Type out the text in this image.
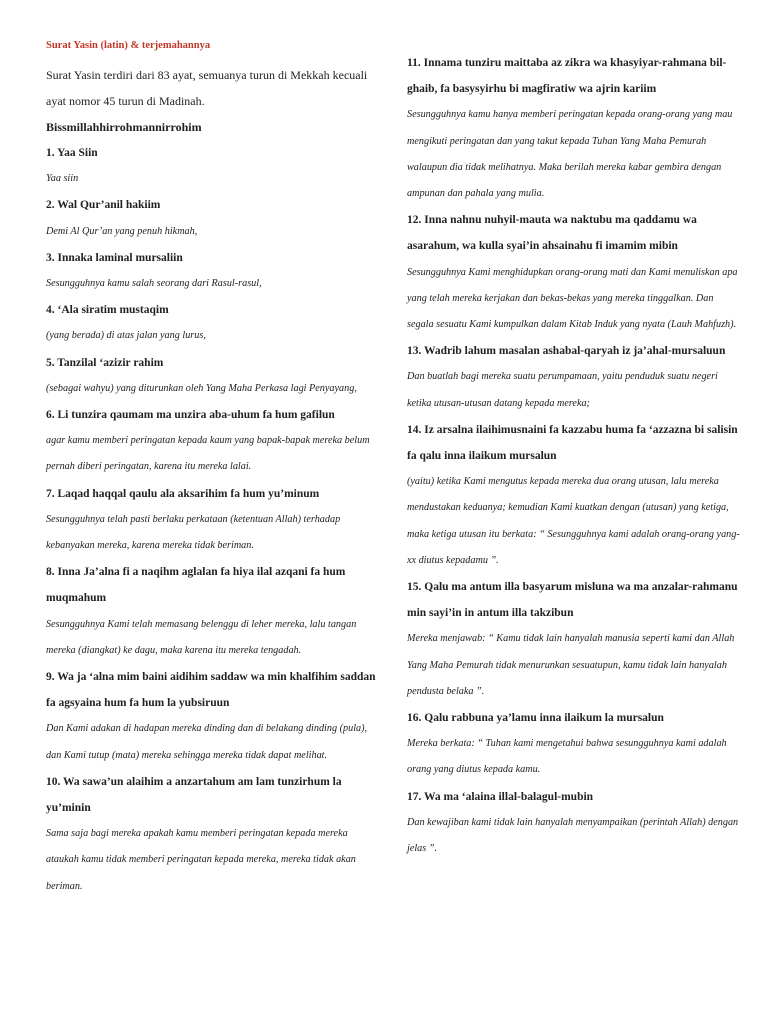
Surat Yasin (latin) & terjemahannya

Surat Yasin terdiri dari 83 ayat, semuanya turun di Mekkah kecuali ayat nomor 45 turun di Madinah.

Bissmillahhirrohmannirrohim

1. Yaa Siin

Yaa siin

2. Wal Qur’anil hakiim

Demi Al Qur’an yang penuh hikmah,

3. Innaka laminal mursaliin

Sesungguhnya kamu salah seorang dari Rasul-rasul,

4. ‘Ala siratim mustaqim

(yang berada) di atas jalan yang lurus,

5. Tanzilal ‘azizir rahim

(sebagai wahyu) yang diturunkan oleh Yang Maha Perkasa lagi Penyayang,

6. Li tunzira qaumam ma unzira aba-uhum fa hum gafilun

agar kamu memberi peringatan kepada kaum yang bapak-bapak mereka belum pernah diberi peringatan, karena itu mereka lalai.

7. Laqad haqqal qaulu ala aksarihim fa hum yu’minum

Sesungguhnya telah pasti berlaku perkataan (ketentuan Allah) terhadap kebanyakan mereka, karena mereka tidak beriman.

8. Inna Ja’alna fi a naqihm aglalan fa hiya ilal azqani fa hum muqmahum

Sesungguhnya Kami telah memasang belenggu di leher mereka, lalu tangan mereka (diangkat) ke dagu, maka karena itu mereka tengadah.

9. Wa ja ‘alna mim baini aidihim saddaw wa min khalfihim saddan fa agsyaina hum fa hum la yubsiruun

Dan Kami adakan di hadapan mereka dinding dan di belakang dinding (pula), dan Kami tutup (mata) mereka sehingga mereka tidak dapat melihat.

10. Wa sawa’un alaihim a anzartahum am lam tunzirhum la yu’minin

Sama saja bagi mereka apakah kamu memberi peringatan kepada mereka ataukah kamu tidak memberi peringatan kepada mereka, mereka tidak akan beriman.

11. Innama tunziru maittaba az zikra wa khasyiyar-rahmana bil-ghaib, fa basysyirhu bi magfiratiw wa ajrin kariim

Sesungguhnya kamu hanya memberi peringatan kepada orang-orang yang mau mengikuti peringatan dan yang takut kepada Tuhan Yang Maha Pemurah walaupun dia tidak melihatnya. Maka berilah mereka kabar gembira dengan ampunan dan pahala yang mulia.

12. Inna nahnu nuhyil-mauta wa naktubu ma qaddamu wa asarahum, wa kulla syai’in ahsainahu fi imamim mibin

Sesungguhnya Kami menghidupkan orang-orang mati dan Kami menuliskan apa yang telah mereka kerjakan dan bekas-bekas yang mereka tinggalkan. Dan segala sesuatu Kami kumpulkan dalam Kitab Induk yang nyata (Lauh Mahfuzh).

13. Wadrib lahum masalan ashabal-qaryah iz ja’ahal-mursaluun

Dan buatlah bagi mereka suatu perumpamaan, yaitu penduduk suatu negeri ketika utusan-utusan datang kepada mereka;

14. Iz arsalna ilaihimusnaini fa kazzabu huma fa ‘azzazna bi salisin fa qalu inna ilaikum mursalun

(yaitu) ketika Kami mengutus kepada mereka dua orang utusan, lalu mereka mendustakan keduanya; kemudian Kami kuatkan dengan (utusan) yang ketiga, maka ketiga utusan itu berkata: “ Sesungguhnya kami adalah orang-orang yang-xx diutus kepadamu ”.

15. Qalu ma antum illa basyarum misluna wa ma anzalar-rahmanu min sayi’in in antum illa takzibun

Mereka menjawab: “ Kamu tidak lain hanyalah manusia seperti kami dan Allah Yang Maha Pemurah tidak menurunkan sesuatupun, kamu tidak lain hanyalah pendusta belaka ”.

16. Qalu rabbuna ya’lamu inna ilaikum la mursalun

Mereka berkata: “ Tuhan kami mengetahui bahwa sesungguhnya kami adalah orang yang diutus kepada kamu.

17. Wa ma ‘alaina illal-balagul-mubin

Dan kewajiban kami tidak lain hanyalah menyampaikan (perintah Allah) dengan jelas ”.
